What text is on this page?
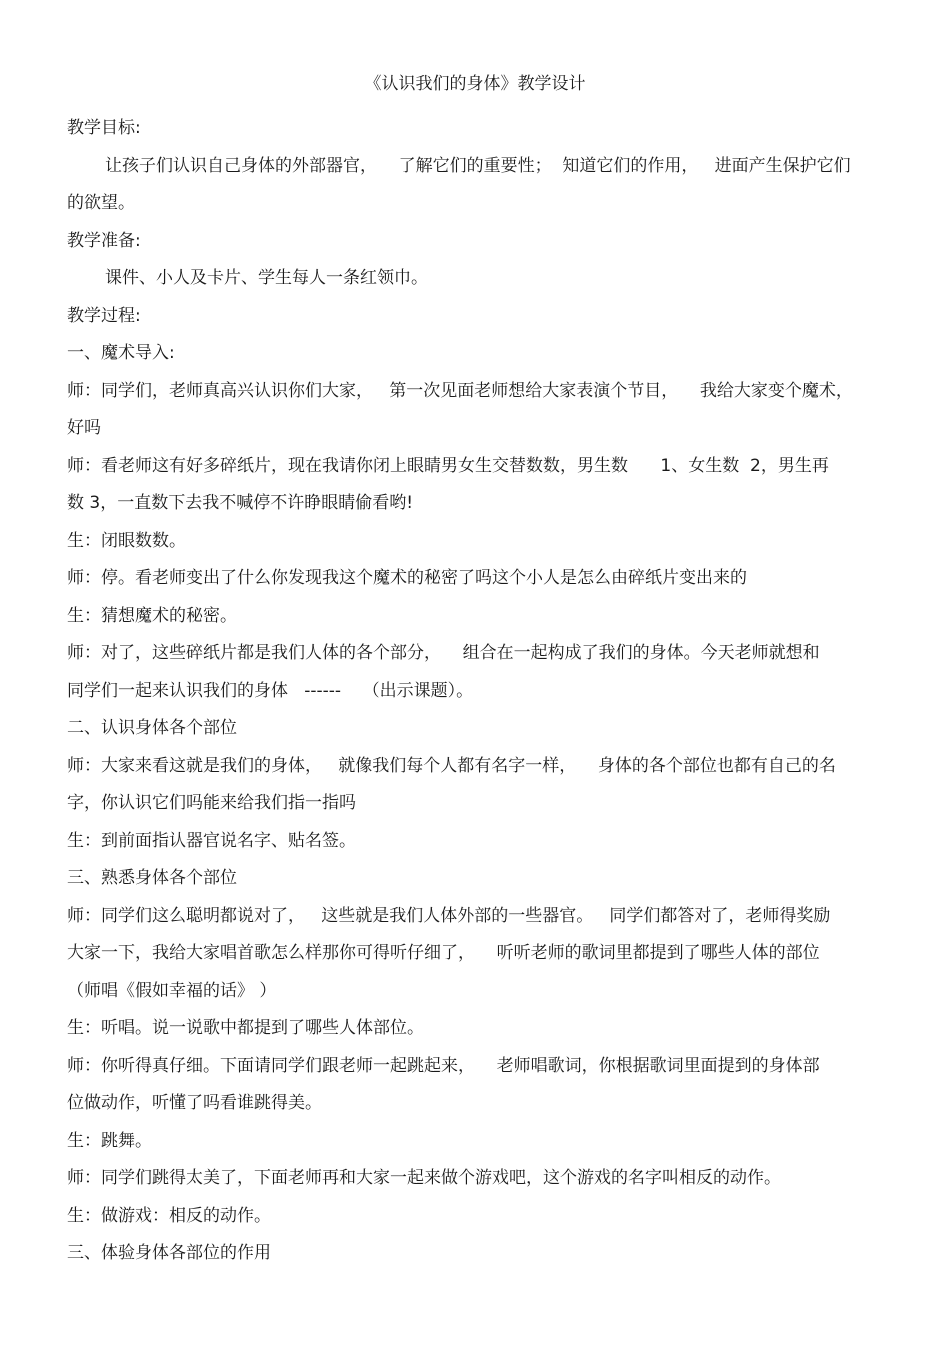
《认识我们的身体》教学设计
教学目标:
让孩子们认识自己身体的外部器官，    了解它们的重要性；  知道它们的作用，   进面产生保护它们
的欲望。
教学准备:
课件、小人及卡片、学生每人一条红领巾。
教学过程:
一、魔术导入:
师：同学们，老师真高兴认识你们大家，   第一次见面老师想给大家表演个节目，    我给大家变个魔术，
好吗
师：看老师这有好多碎纸片，现在我请你闭上眼睛男女生交替数数，男生数      1、女生数  2，男生再
数 3，一直数下去我不喊停不许睁眼睛偷看哟!
生：闭眼数数。
师：停。看老师变出了什么你发现我这个魔术的秘密了吗这个小人是怎么由碎纸片变出来的
生：猜想魔术的秘密。
师：对了，这些碎纸片都是我们人体的各个部分，    组合在一起构成了我们的身体。今天老师就想和
同学们一起来认识我们的身体   ------    （出示课题）。
二、认识身体各个部位
师：大家来看这就是我们的身体，   就像我们每个人都有名字一样，    身体的各个部位也都有自己的名
字，你认识它们吗能来给我们指一指吗
生：到前面指认器官说名字、贴名签。
三、熟悉身体各个部位
师：同学们这么聪明都说对了，   这些就是我们人体外部的一些器官。   同学们都答对了，老师得奖励
大家一下，我给大家唱首歌怎么样那你可得听仔细了，    听听老师的歌词里都提到了哪些人体的部位
（师唱《假如幸福的话》 ）
生：听唱。说一说歌中都提到了哪些人体部位。
师：你听得真仔细。下面请同学们跟老师一起跳起来，    老师唱歌词，你根据歌词里面提到的身体部
位做动作，听懂了吗看谁跳得美。
生：跳舞。
师：同学们跳得太美了，下面老师再和大家一起来做个游戏吧，这个游戏的名字叫相反的动作。
生：做游戏：相反的动作。
三、体验身体各部位的作用
